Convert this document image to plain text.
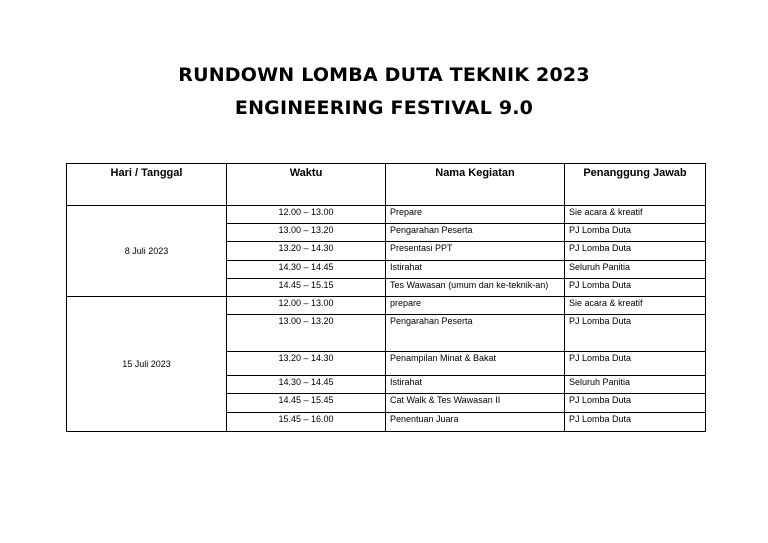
RUNDOWN LOMBA DUTA TEKNIK 2023
ENGINEERING FESTIVAL 9.0
Hari / Tanggal	Waktu	Nama Kegiatan	Penanggung Jawab
8 Juli 2023	12.00 – 13.00	Prepare	Sie acara & kreatif
	13.00 – 13.20	Pengarahan Peserta	PJ Lomba Duta
	13.20 – 14.30	Presentasi PPT	PJ Lomba Duta
	14.30 – 14.45	Istirahat	Seluruh Panitia
	14.45 – 15.15	Tes Wawasan (umum dan ke-teknik-an)	PJ Lomba Duta
15 Juli 2023	12.00 – 13.00	prepare	Sie acara & kreatif
	13.00 – 13.20	Pengarahan Peserta	PJ Lomba Duta
	13.20 – 14.30	Penampilan Minat & Bakat	PJ Lomba Duta
	14.30 – 14.45	Istirahat	Seluruh Panitia
	14.45 – 15.45	Cat Walk & Tes Wawasan II	PJ Lomba Duta
	15.45 – 16.00	Penentuan Juara	PJ Lomba Duta
